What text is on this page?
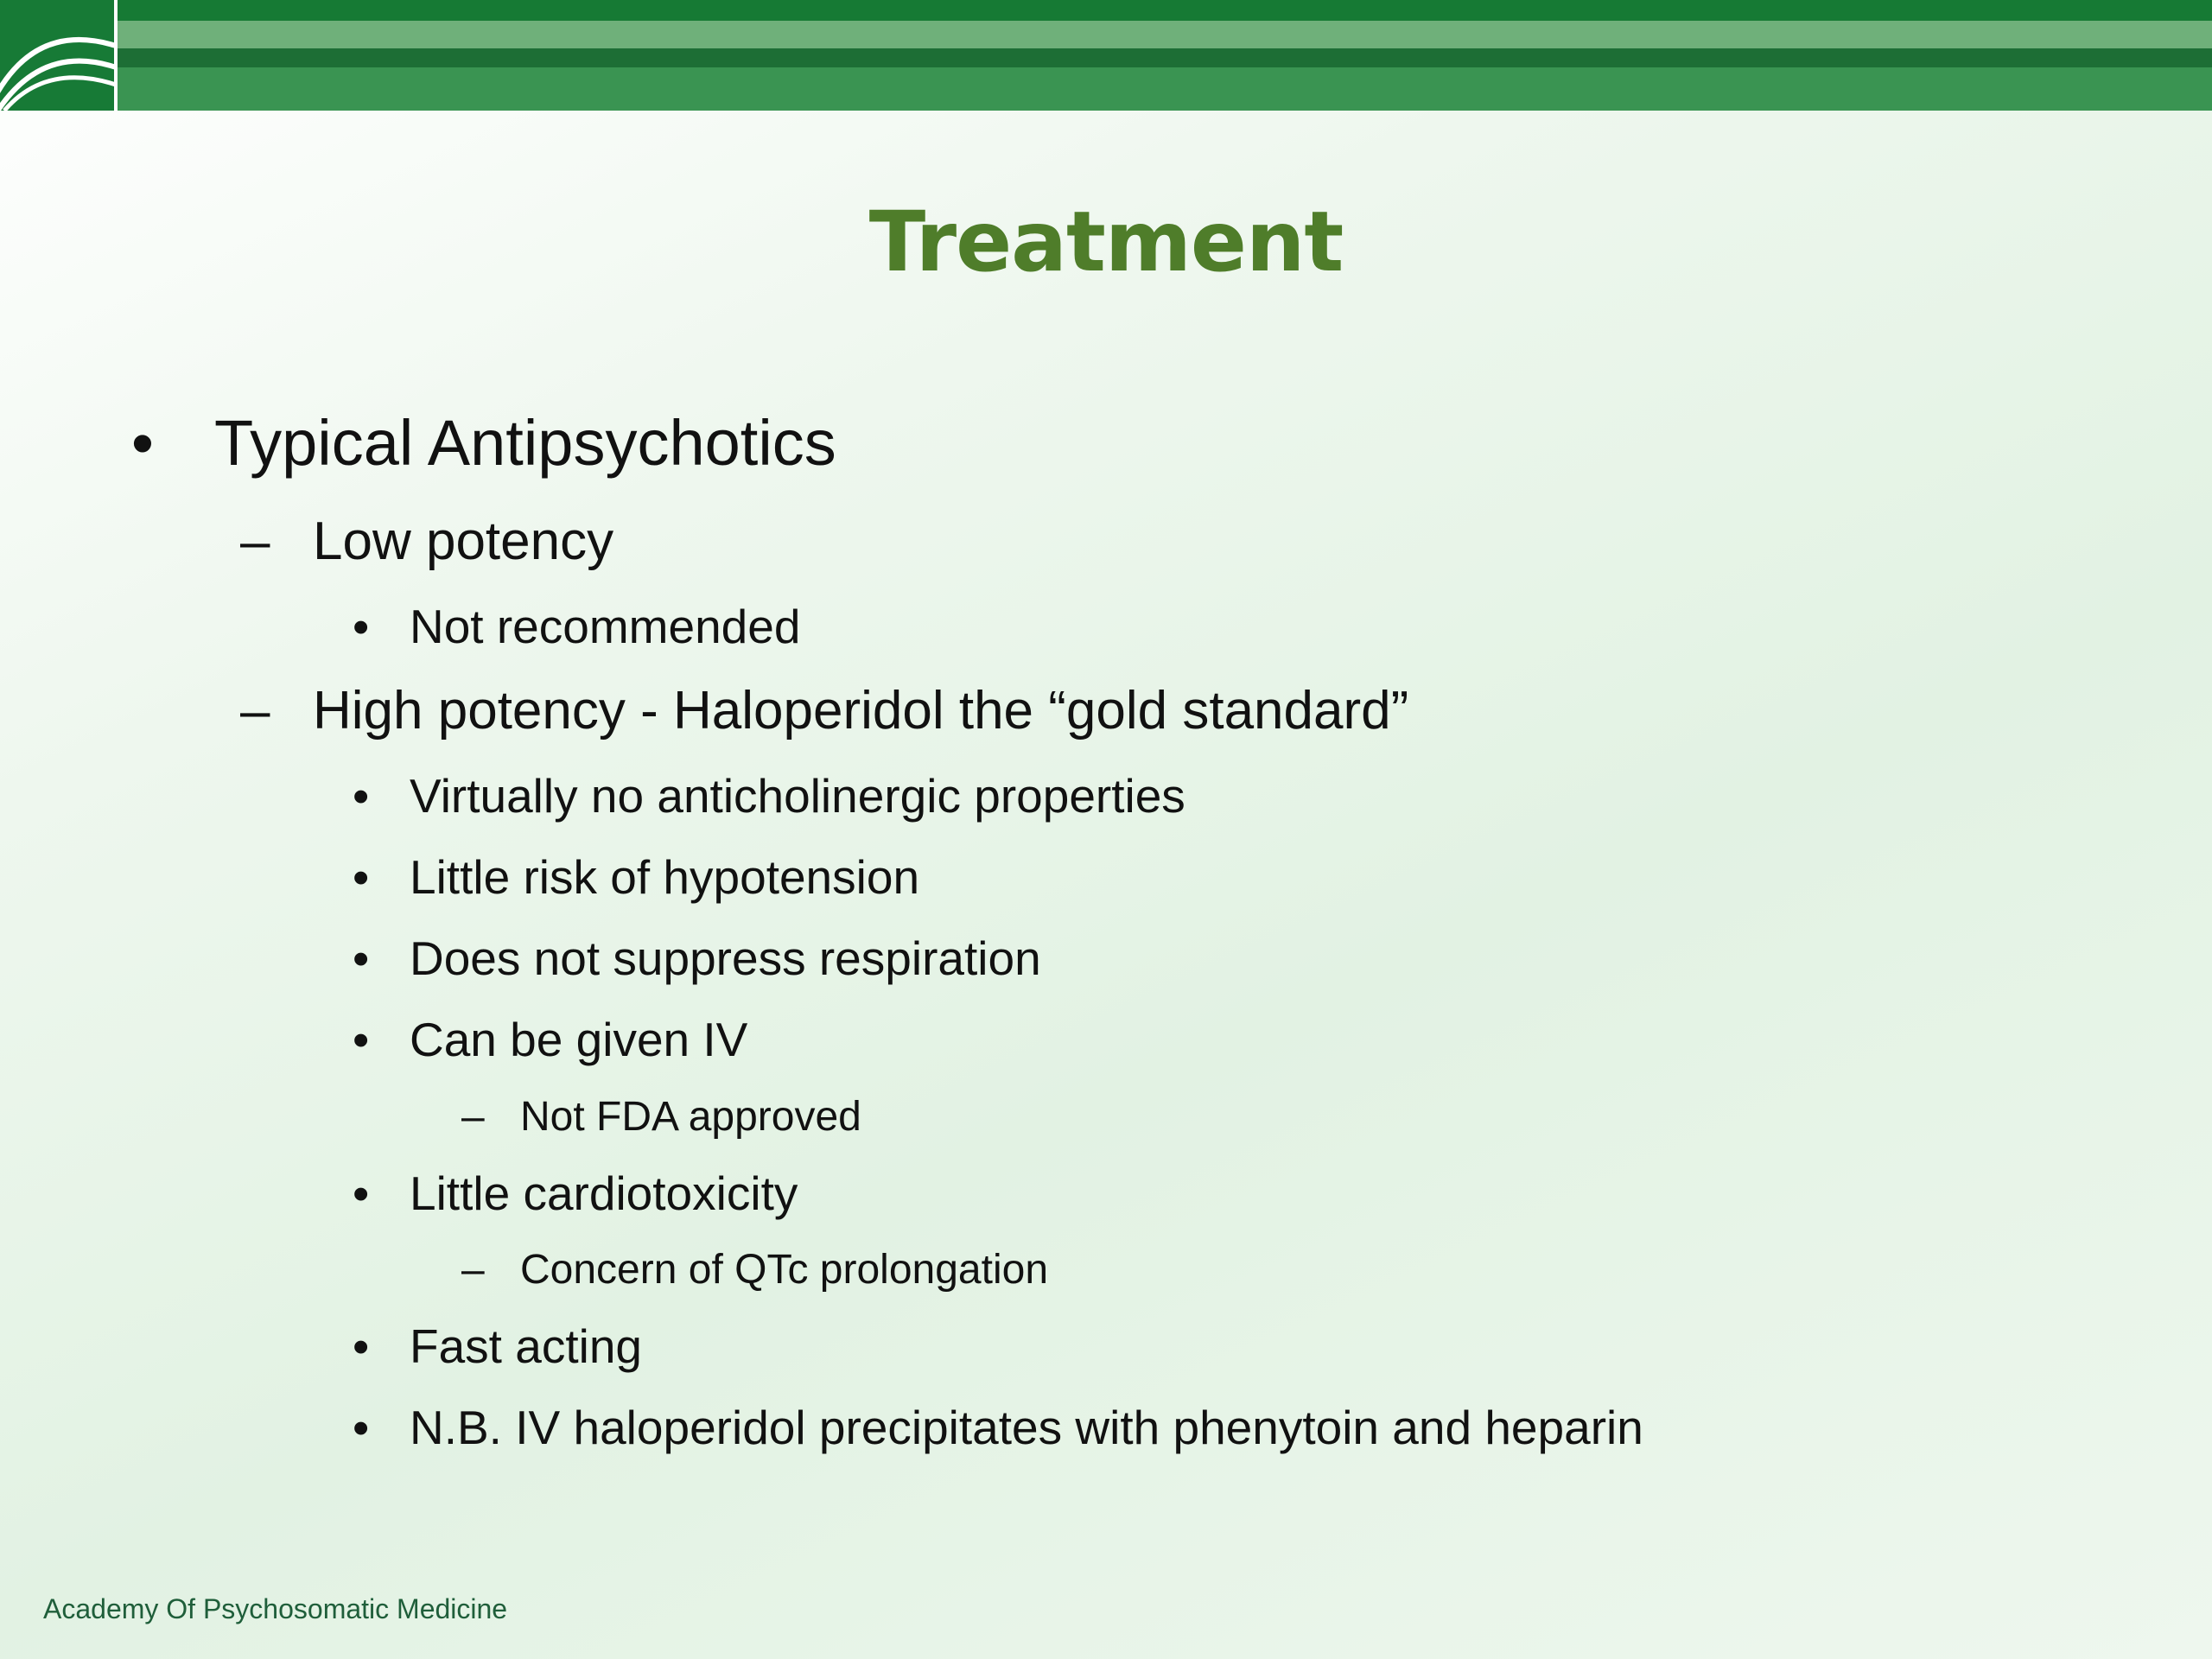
Treatment
• Typical Antipsychotics
– Low potency
• Not recommended
– High potency - Haloperidol the “gold standard”
• Virtually no anticholinergic properties
• Little risk of hypotension
• Does not suppress respiration
• Can be given IV
– Not FDA approved
• Little cardiotoxicity
– Concern of QTc prolongation
• Fast acting
• N.B. IV haloperidol precipitates with phenytoin and heparin
Academy Of Psychosomatic Medicine
